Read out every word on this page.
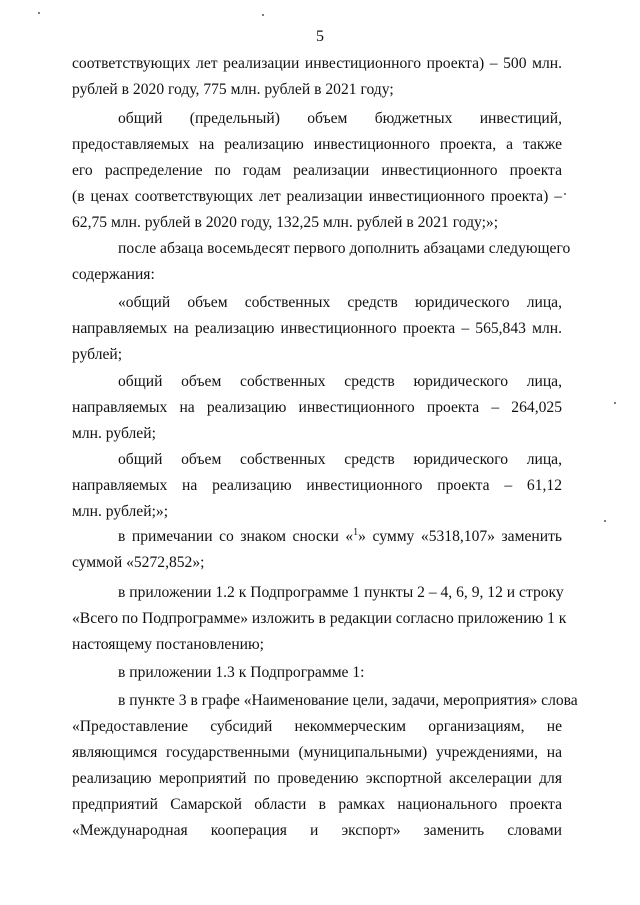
5
соответствующих лет реализации инвестиционного проекта) – 500 млн.
рублей в 2020 году, 775 млн. рублей в 2021 году;
общий (предельный) объем бюджетных инвестиций,
предоставляемых на реализацию инвестиционного проекта, а также
его распределение по годам реализации инвестиционного проекта
(в ценах соответствующих лет реализации инвестиционного проекта) –
62,75 млн. рублей в 2020 году, 132,25 млн. рублей в 2021 году;»;
после абзаца восемьдесят первого дополнить абзацами следующего
содержания:
«общий объем собственных средств юридического лица,
направляемых на реализацию инвестиционного проекта – 565,843 млн.
рублей;
общий объем собственных средств юридического лица,
направляемых на реализацию инвестиционного проекта – 264,025
млн. рублей;
общий объем собственных средств юридического лица,
направляемых на реализацию инвестиционного проекта – 61,12
млн. рублей;»;
в примечании со знаком сноски «$^1$» сумму «5318,107» заменить
суммой «5272,852»;
в приложении 1.2 к Подпрограмме 1 пункты 2 – 4, 6, 9, 12 и строку
«Всего по Подпрограмме» изложить в редакции согласно приложению 1 к
настоящему постановлению;
в приложении 1.3 к Подпрограмме 1:
в пункте 3 в графе «Наименование цели, задачи, мероприятия» слова
«Предоставление субсидий некоммерческим организациям, не
являющимся государственными (муниципальными) учреждениями, на
реализацию мероприятий по проведению экспортной акселерации для
предприятий Самарской области в рамках национального проекта
«Международная кооперация и экспорт» заменить словами
